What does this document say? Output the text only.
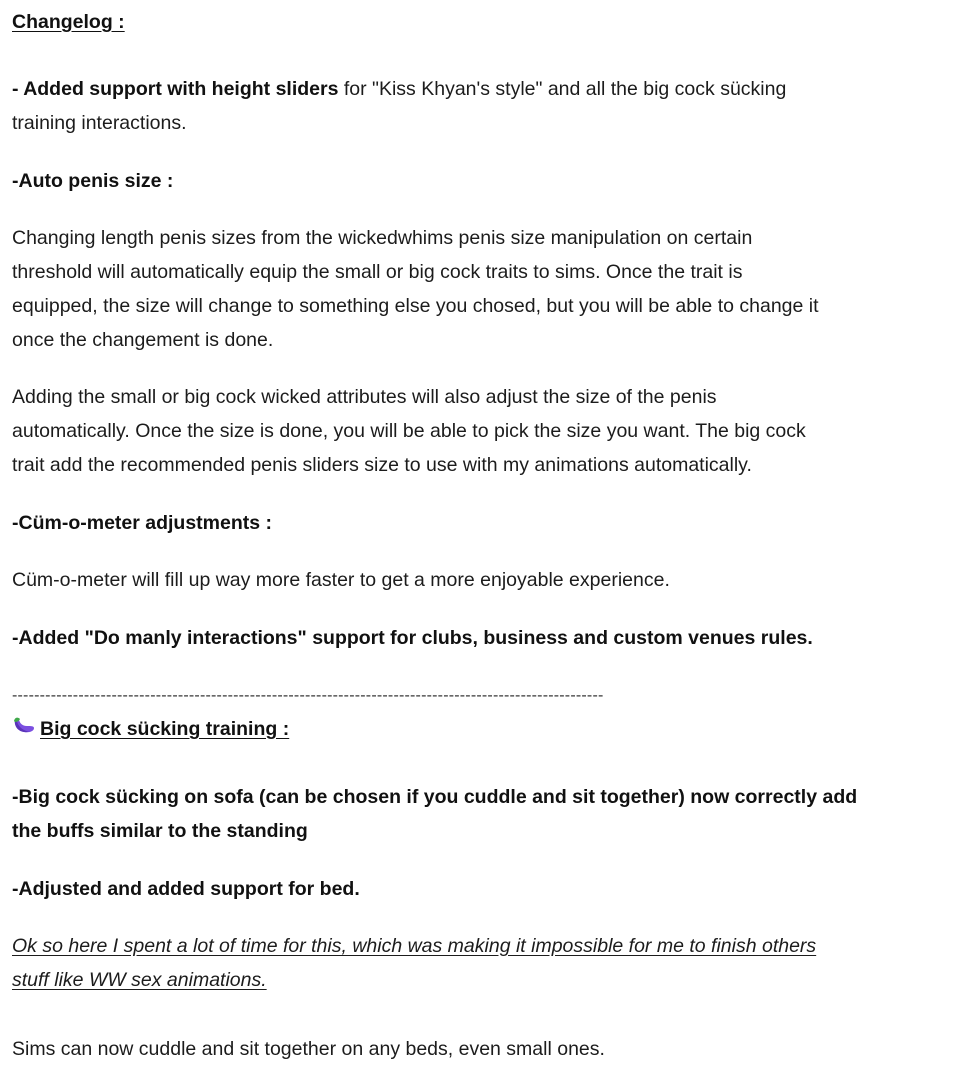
Changelog :
- Added support with height sliders for "Kiss Khyan's style" and all the big cock sücking
training interactions.
-Auto penis size :
Changing length penis sizes from the wickedwhims penis size manipulation on certain
threshold will automatically equip the small or big cock traits to sims. Once the trait is
equipped, the size will change to something else you chosed, but you will be able to change it
once the changement is done.
Adding the small or big cock wicked attributes will also adjust the size of the penis
automatically. Once the size is done, you will be able to pick the size you want. The big cock
trait add the recommended penis sliders size to use with my animations automatically.
-Cüm-o-meter adjustments :
Cüm-o-meter will fill up way more faster to get a more enjoyable experience.
-Added "Do manly interactions" support for clubs, business and custom venues rules.
-----------------------------------------------------------------------------------------------------------
Big cock sücking training :
-Big cock sücking on sofa (can be chosen if you cuddle and sit together) now correctly add
the buffs similar to the standing
-Adjusted and added support for bed.
Ok so here I spent a lot of time for this, which was making it impossible for me to finish others
stuff like WW sex animations.
Sims can now cuddle and sit together on any beds, even small ones.
